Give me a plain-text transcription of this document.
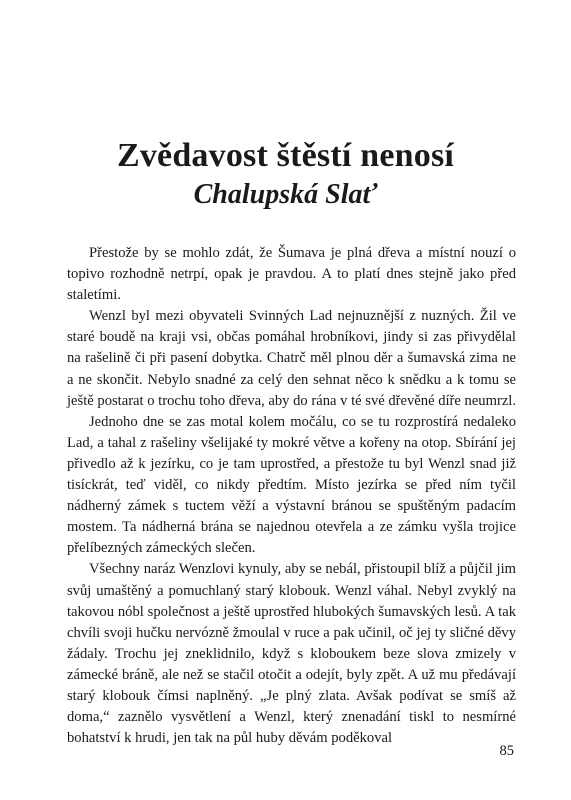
Zvědavost štěstí nenosí
Chalupská Slať

Přestože by se mohlo zdát, že Šumava je plná dřeva a místní nouzí o topivo rozhodně netrpí, opak je pravdou. A to platí dnes stejně jako před staletími.

Wenzl byl mezi obyvateli Svinných Lad nejnuznější z nuzných. Žil ve staré boudě na kraji vsi, občas pomáhal hrobníkovi, jindy si zas přivydělal na rašelině či při pasení dobytka. Chatrč měl plnou děr a šumavská zima ne a ne skončit. Nebylo snadné za celý den sehnat něco k snědku a k tomu se ještě postarat o trochu toho dřeva, aby do rána v té své dřevěné díře neumrzl.

Jednoho dne se zas motal kolem močálu, co se tu rozprostírá nedaleko Lad, a tahal z rašeliny všelijaké ty mokré větve a kořeny na otop. Sbírání jej přivedlo až k jezírku, co je tam uprostřed, a přestože tu byl Wenzl snad již tisíckrát, teď viděl, co nikdy předtím. Místo jezírka se před ním tyčil nádherný zámek s tuctem věží a výstavní bránou se spuštěným padacím mostem. Ta nádherná brána se najednou otevřela a ze zámku vyšla trojice přelíbezných zámeckých slečen.

Všechny naráz Wenzlovi kynuly, aby se nebál, přistoupil blíž a půjčil jim svůj umaštěný a pomuchlaný starý klobouk. Wenzl váhal. Nebyl zvyklý na takovou nóbl společnost a ještě uprostřed hlubokých šumavských lesů. A tak chvíli svoji hučku nervózně žmoulal v ruce a pak učinil, oč jej ty sličné děvy žádaly. Trochu jej zneklidnilo, když s kloboukem beze slova zmizely v zámecké bráně, ale než se stačil otočit a odejít, byly zpět. A už mu předávají starý klobouk čímsi naplněný. „Je plný zlata. Avšak podívat se smíš až doma,“ zaznělo vysvětlení a Wenzl, který znenadání tiskl to nesmírné bohatství k hrudi, jen tak na půl huby děvám poděkoval

85
